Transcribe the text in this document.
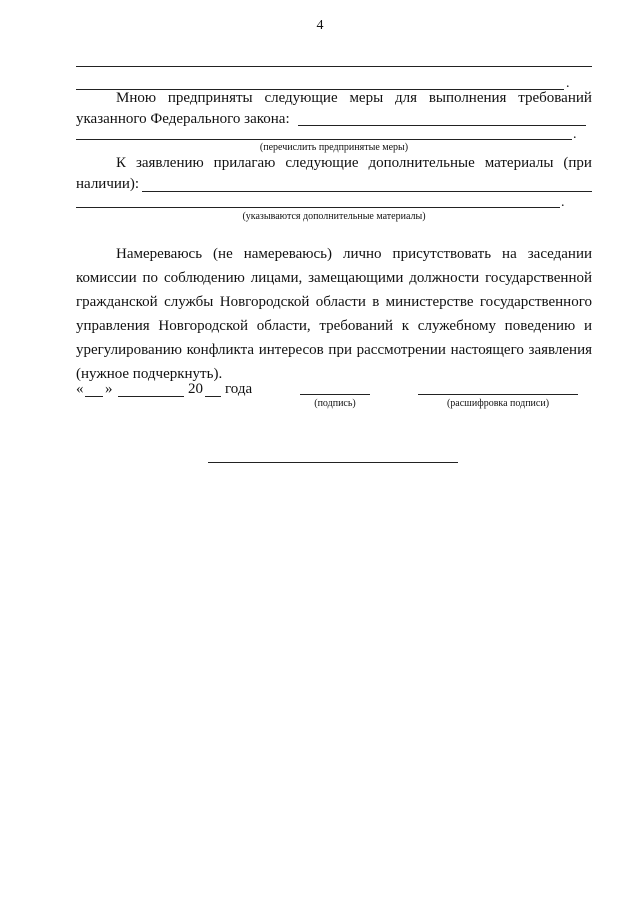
4
.
Мною предприняты следующие меры для выполнения требований
указанного Федерального закона:
.
(перечислить предпринятые меры)
К заявлению прилагаю следующие дополнительные материалы (при
наличии):
.
(указываются дополнительные материалы)
Намереваюсь (не намереваюсь) лично присутствовать на заседании комиссии по соблюдению лицами, замещающими должности государственной гражданской службы Новгородской области в министерстве государственного управления Новгородской области, требований к служебному поведению и урегулированию конфликта интересов при рассмотрении настоящего заявления (нужное подчеркнуть).
« »	20 года
(подпись)	(расшифровка подписи)
